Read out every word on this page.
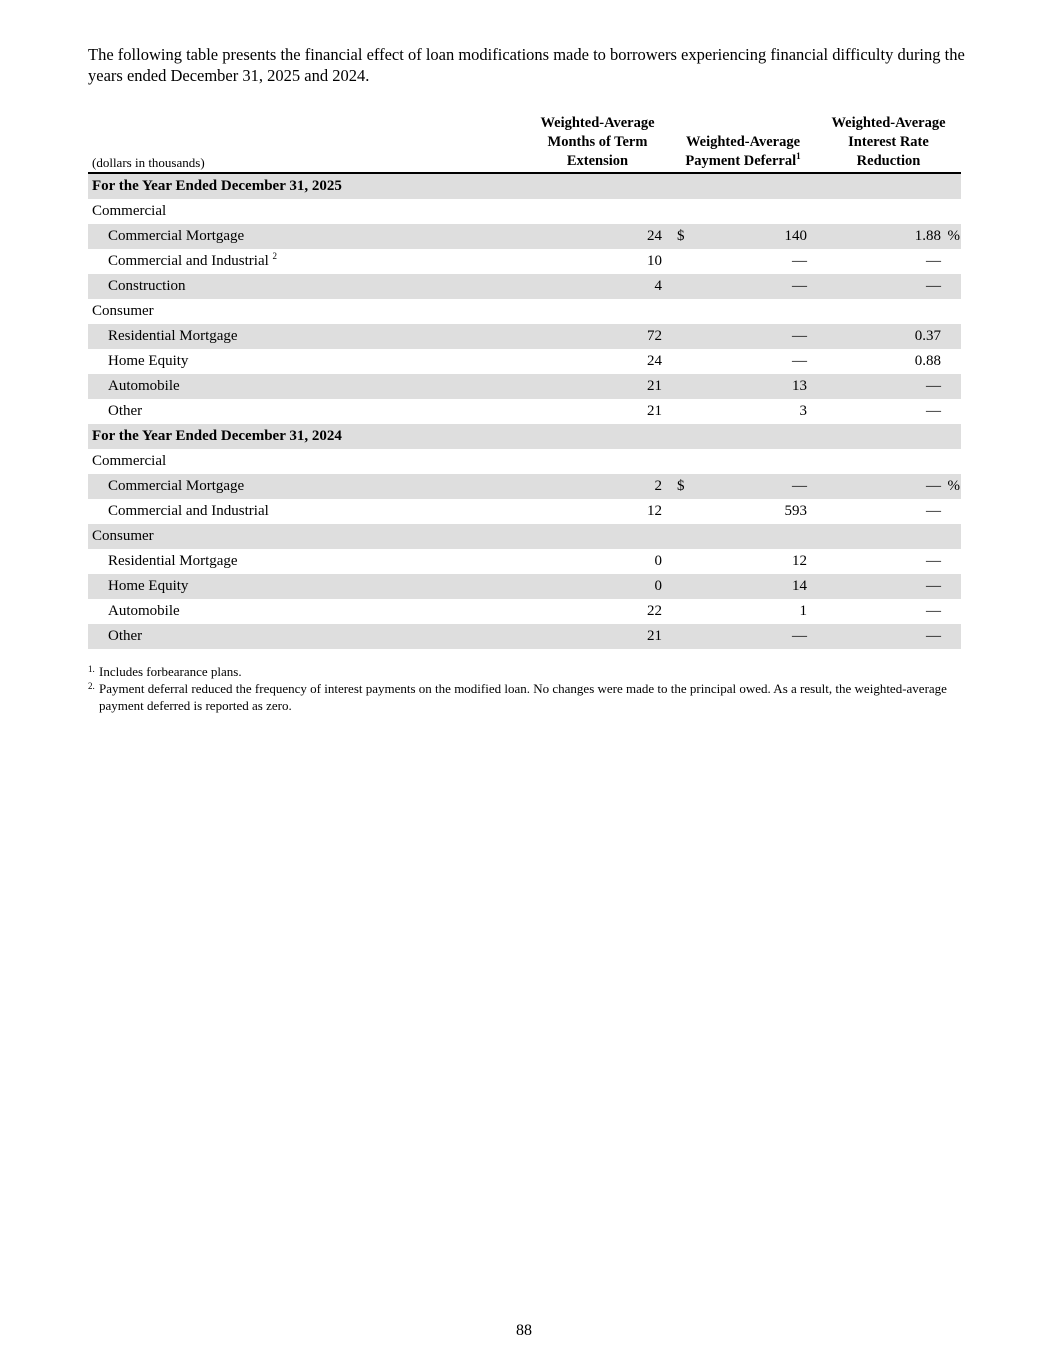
The following table presents the financial effect of loan modifications made to borrowers experiencing financial difficulty during the years ended December 31, 2025 and 2024.
(dollars in thousands)
Weighted-Average
Months of Term
Extension
Weighted-Average
Payment Deferral$^1$
Weighted-Average
Interest Rate
Reduction
For the Year Ended December 31, 2025
Commercial
Commercial Mortgage	24 $	140	1.88 %
Commercial and Industrial $^2$	10	—	—
Construction	4	—	—
Consumer
Residential Mortgage	72	—	0.37
Home Equity	24	—	0.88
Automobile	21	13	—
Other	21	3	—
For the Year Ended December 31, 2024
Commercial
Commercial Mortgage	2 $	—	— %
Commercial and Industrial	12	593	—
Consumer
Residential Mortgage	0	12	—
Home Equity	0	14	—
Automobile	22	1	—
Other	21	—	—
1. Includes forbearance plans.
2. Payment deferral reduced the frequency of interest payments on the modified loan. No changes were made to the principal owed. As a result, the weighted-average payment deferred is reported as zero.
88
